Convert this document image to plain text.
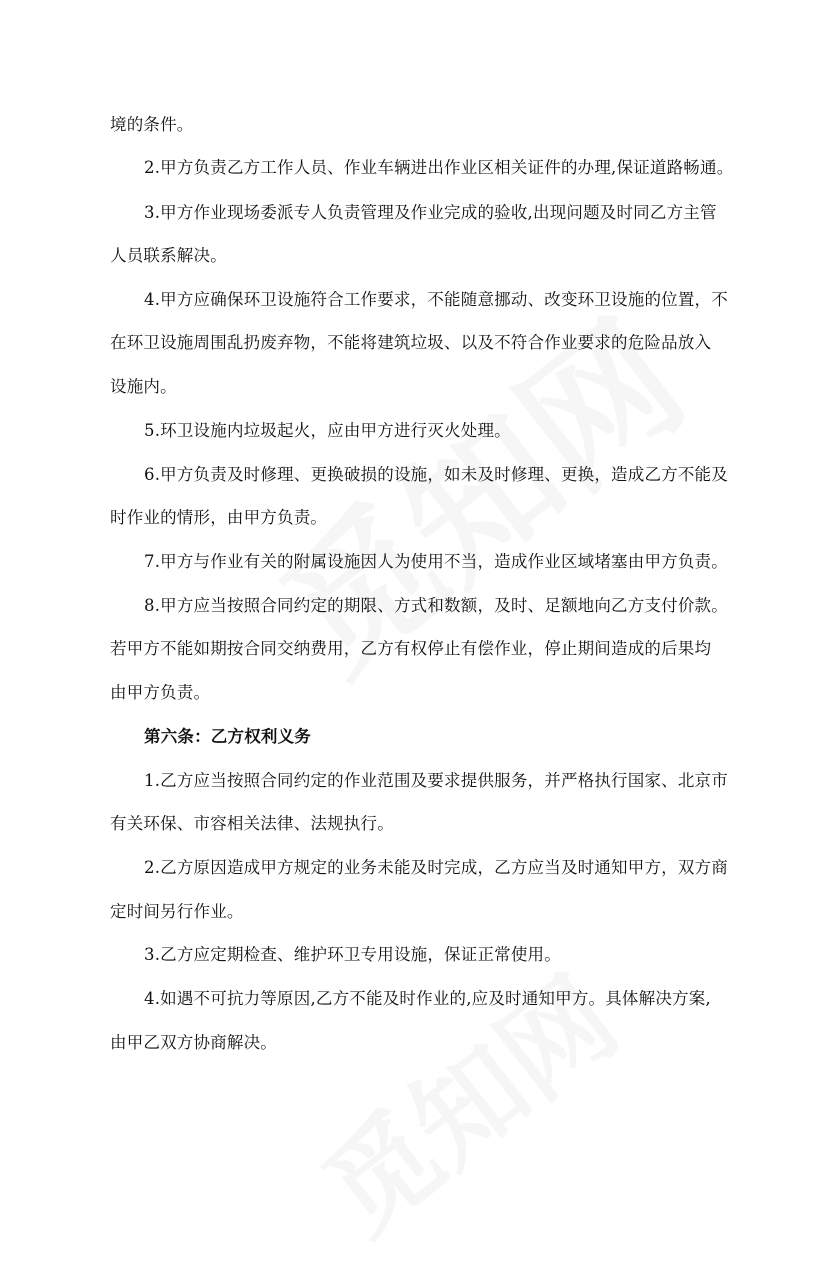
境的条件。
2.甲方负责乙方工作人员、作业车辆进出作业区相关证件的办理,保证道路畅通。
3.甲方作业现场委派专人负责管理及作业完成的验收,出现问题及时同乙方主管
人员联系解决。
4.甲方应确保环卫设施符合工作要求，不能随意挪动、改变环卫设施的位置，不
在环卫设施周围乱扔废弃物，不能将建筑垃圾、以及不符合作业要求的危险品放入
设施内。
5.环卫设施内垃圾起火，应由甲方进行灭火处理。
6.甲方负责及时修理、更换破损的设施，如未及时修理、更换，造成乙方不能及
时作业的情形，由甲方负责。
7.甲方与作业有关的附属设施因人为使用不当，造成作业区域堵塞由甲方负责。
8.甲方应当按照合同约定的期限、方式和数额，及时、足额地向乙方支付价款。
若甲方不能如期按合同交纳费用，乙方有权停止有偿作业，停止期间造成的后果均
由甲方负责。
第六条：乙方权利义务
1.乙方应当按照合同约定的作业范围及要求提供服务，并严格执行国家、北京市
有关环保、市容相关法律、法规执行。
2.乙方原因造成甲方规定的业务未能及时完成，乙方应当及时通知甲方，双方商
定时间另行作业。
3.乙方应定期检查、维护环卫专用设施，保证正常使用。
4.如遇不可抗力等原因,乙方不能及时作业的,应及时通知甲方。具体解决方案,
由甲乙双方协商解决。
